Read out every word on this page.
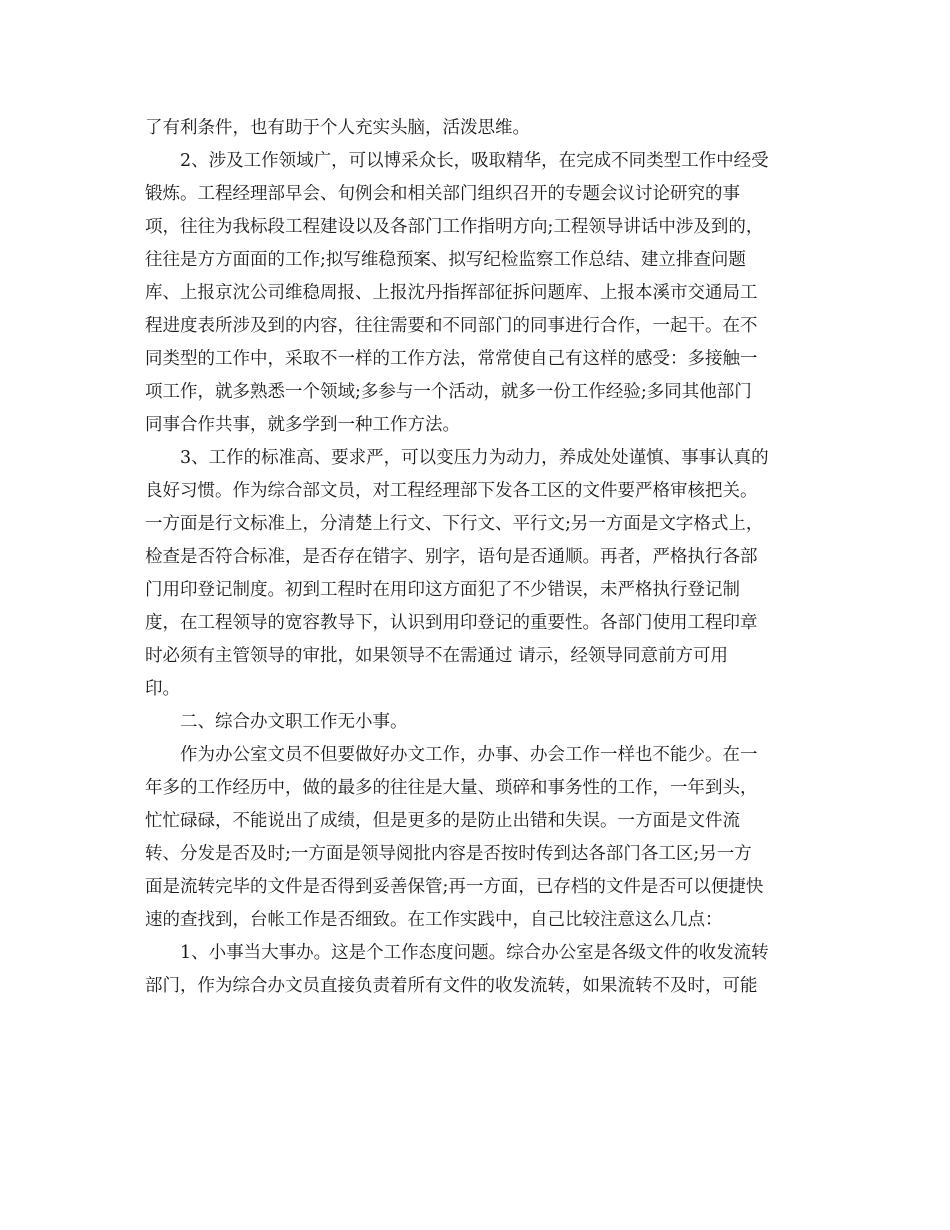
了有利条件，也有助于个人充实头脑，活泼思维。
2、涉及工作领域广，可以博采众长，吸取精华，在完成不同类型工作中经受
锻炼。工程经理部早会、旬例会和相关部门组织召开的专题会议讨论研究的事
项，往往为我标段工程建设以及各部门工作指明方向;工程领导讲话中涉及到的，
往往是方方面面的工作;拟写维稳预案、拟写纪检监察工作总结、建立排查问题
库、上报京沈公司维稳周报、上报沈丹指挥部征拆问题库、上报本溪市交通局工
程进度表所涉及到的内容，往往需要和不同部门的同事进行合作，一起干。在不
同类型的工作中，采取不一样的工作方法，常常使自己有这样的感受：多接触一
项工作，就多熟悉一个领域;多参与一个活动，就多一份工作经验;多同其他部门
同事合作共事，就多学到一种工作方法。
3、工作的标准高、要求严，可以变压力为动力，养成处处谨慎、事事认真的
良好习惯。作为综合部文员，对工程经理部下发各工区的文件要严格审核把关。
一方面是行文标准上，分清楚上行文、下行文、平行文;另一方面是文字格式上，
检查是否符合标准，是否存在错字、别字，语句是否通顺。再者，严格执行各部
门用印登记制度。初到工程时在用印这方面犯了不少错误，未严格执行登记制
度，在工程领导的宽容教导下，认识到用印登记的重要性。各部门使用工程印章
时必须有主管领导的审批，如果领导不在需通过 请示，经领导同意前方可用
印。
二、综合办文职工作无小事。
作为办公室文员不但要做好办文工作，办事、办会工作一样也不能少。在一
年多的工作经历中，做的最多的往往是大量、琐碎和事务性的工作，一年到头，
忙忙碌碌，不能说出了成绩，但是更多的是防止出错和失误。一方面是文件流
转、分发是否及时;一方面是领导阅批内容是否按时传到达各部门各工区;另一方
面是流转完毕的文件是否得到妥善保管;再一方面，已存档的文件是否可以便捷快
速的查找到，台帐工作是否细致。在工作实践中，自己比较注意这么几点：
1、小事当大事办。这是个工作态度问题。综合办公室是各级文件的收发流转
部门，作为综合办文员直接负责着所有文件的收发流转，如果流转不及时，可能
